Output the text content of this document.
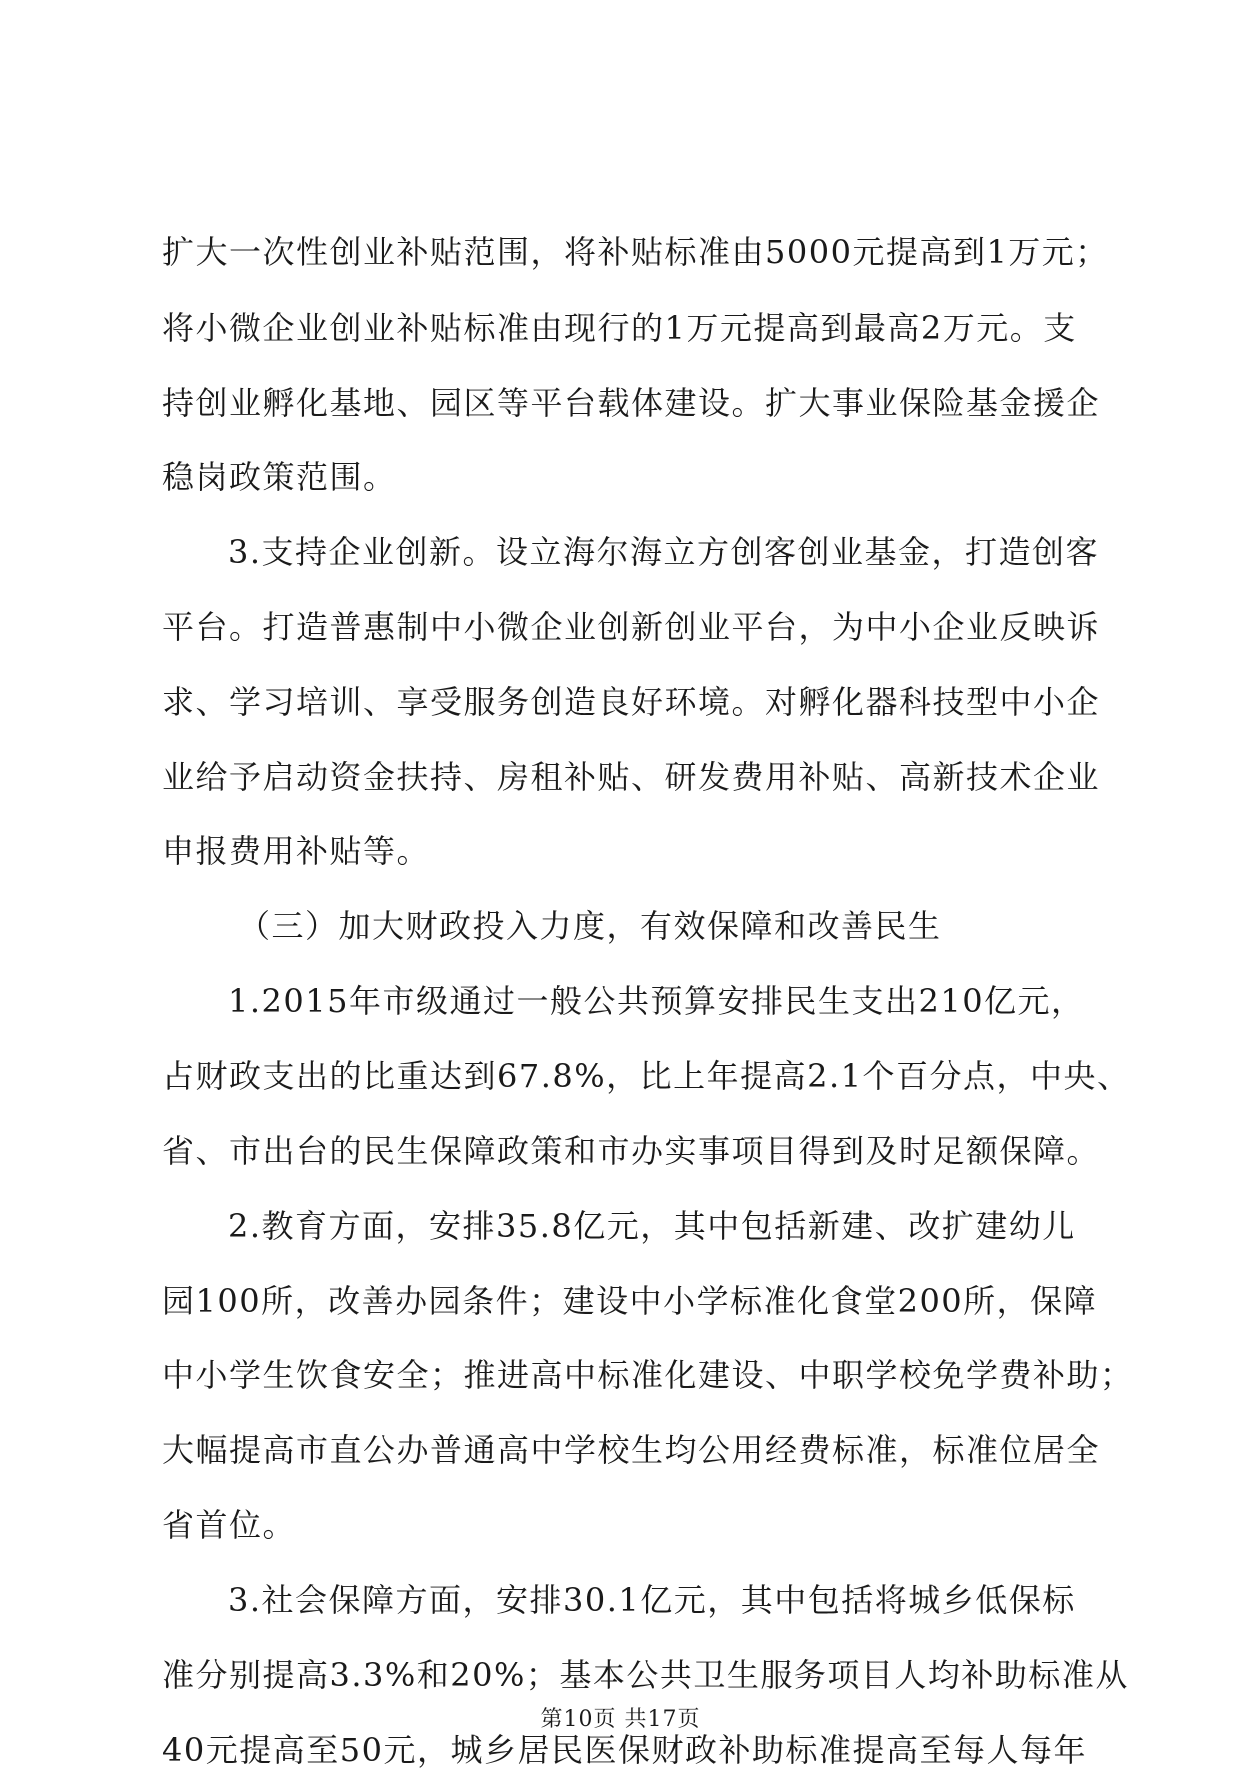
扩大一次性创业补贴范围，将补贴标准由5000元提高到1万元；
将小微企业创业补贴标准由现行的1万元提高到最高2万元。支
持创业孵化基地、园区等平台载体建设。扩大事业保险基金援企
稳岗政策范围。
3.支持企业创新。设立海尔海立方创客创业基金，打造创客
平台。打造普惠制中小微企业创新创业平台，为中小企业反映诉
求、学习培训、享受服务创造良好环境。对孵化器科技型中小企
业给予启动资金扶持、房租补贴、研发费用补贴、高新技术企业
申报费用补贴等。
（三）加大财政投入力度，有效保障和改善民生
1.2015年市级通过一般公共预算安排民生支出210亿元，
占财政支出的比重达到67.8%，比上年提高2.1个百分点，中央、
省、市出台的民生保障政策和市办实事项目得到及时足额保障。
2.教育方面，安排35.8亿元，其中包括新建、改扩建幼儿
园100所，改善办园条件；建设中小学标准化食堂200所，保障
中小学生饮食安全；推进高中标准化建设、中职学校免学费补助；
大幅提高市直公办普通高中学校生均公用经费标准，标准位居全
省首位。
3.社会保障方面，安排30.1亿元，其中包括将城乡低保标
准分别提高3.3%和20%；基本公共卫生服务项目人均补助标准从
40元提高至50元，城乡居民医保财政补助标准提高至每人每年
第10页 共17页
